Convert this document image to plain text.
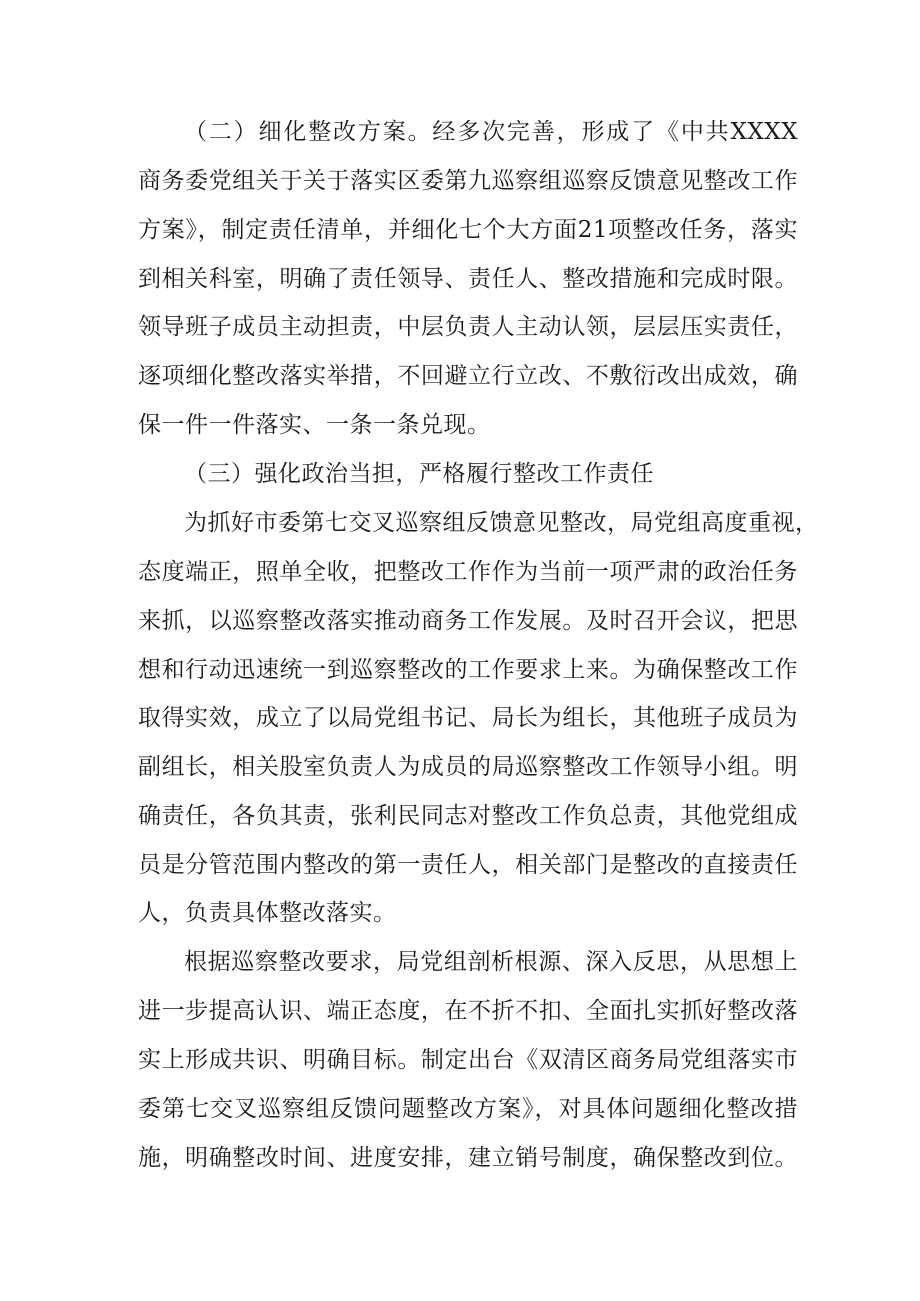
（二）细化整改方案。经多次完善，形成了《中共XXXX
商务委党组关于关于落实区委第九巡察组巡察反馈意见整改工作
方案》，制定责任清单，并细化七个大方面21项整改任务，落实
到相关科室，明确了责任领导、责任人、整改措施和完成时限。
领导班子成员主动担责，中层负责人主动认领，层层压实责任，
逐项细化整改落实举措，不回避立行立改、不敷衍改出成效，确
保一件一件落实、一条一条兑现。
（三）强化政治当担，严格履行整改工作责任
为抓好市委第七交叉巡察组反馈意见整改，局党组高度重视，
态度端正，照单全收，把整改工作作为当前一项严肃的政治任务
来抓，以巡察整改落实推动商务工作发展。及时召开会议，把思
想和行动迅速统一到巡察整改的工作要求上来。为确保整改工作
取得实效，成立了以局党组书记、局长为组长，其他班子成员为
副组长，相关股室负责人为成员的局巡察整改工作领导小组。明
确责任，各负其责，张利民同志对整改工作负总责，其他党组成
员是分管范围内整改的第一责任人，相关部门是整改的直接责任
人，负责具体整改落实。
根据巡察整改要求，局党组剖析根源、深入反思，从思想上
进一步提高认识、端正态度，在不折不扣、全面扎实抓好整改落
实上形成共识、明确目标。制定出台《双清区商务局党组落实市
委第七交叉巡察组反馈问题整改方案》，对具体问题细化整改措
施，明确整改时间、进度安排，建立销号制度，确保整改到位。
